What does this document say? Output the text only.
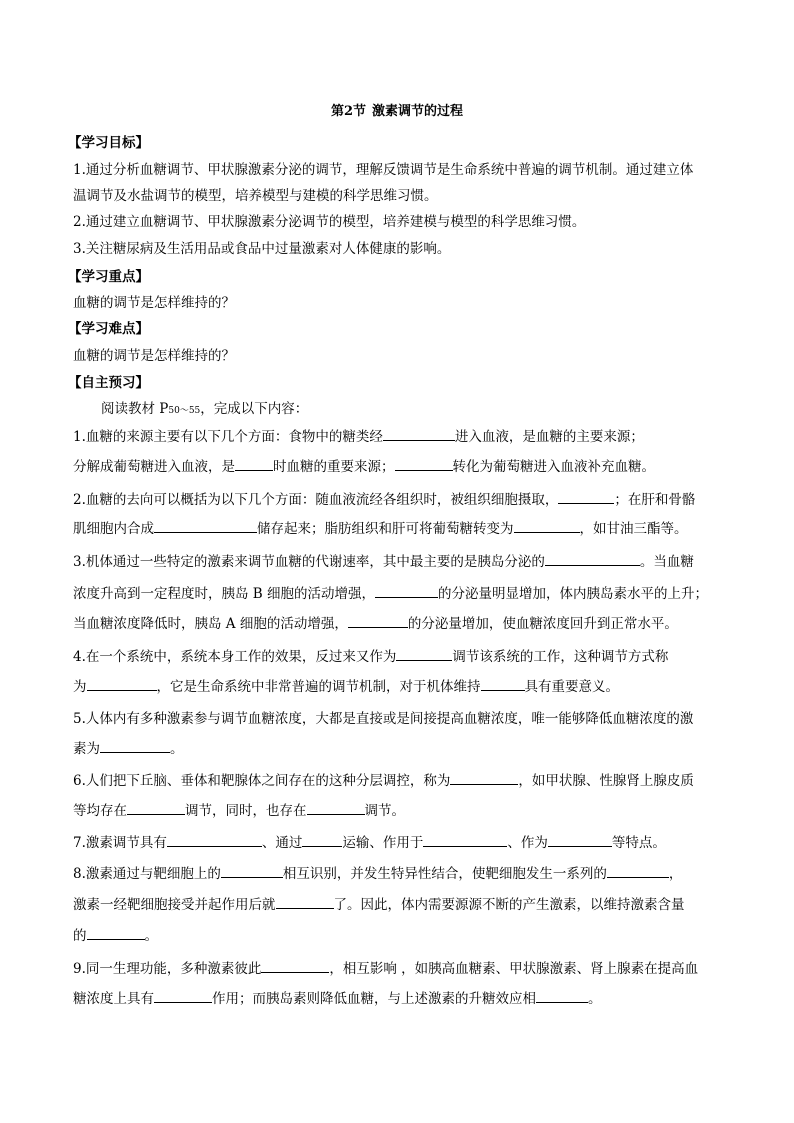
第2节 激素调节的过程
【学习目标】
1.通过分析血糖调节、甲状腺激素分泌的调节，理解反馈调节是生命系统中普遍的调节机制。通过建立体
温调节及水盐调节的模型，培养模型与建模的科学思维习惯。
2.通过建立血糖调节、甲状腺激素分泌调节的模型，培养建模与模型的科学思维习惯。
3.关注糖尿病及生活用品或食品中过量激素对人体健康的影响。
【学习重点】
血糖的调节是怎样维持的？
【学习难点】
血糖的调节是怎样维持的？
【自主预习】
阅读教材 P50～55，完成以下内容：
1.血糖的来源主要有以下几个方面：食物中的糖类经	进入血液，是血糖的主要来源；
分解成葡萄糖进入血液，是	时血糖的重要来源；	转化为葡萄糖进入血液补充血糖。
2.血糖的去向可以概括为以下几个方面：随血液流经各组织时，被组织细胞摄取，	；在肝和骨骼
肌细胞内合成	储存起来；脂肪组织和肝可将葡萄糖转变为	，如甘油三酯等。
3.机体通过一些特定的激素来调节血糖的代谢速率，其中最主要的是胰岛分泌的	。当血糖
浓度升高到一定程度时，胰岛 B 细胞的活动增强，	的分泌量明显增加，体内胰岛素水平的上升；
当血糖浓度降低时，胰岛 A 细胞的活动增强，	的分泌量增加，使血糖浓度回升到正常水平。
4.在一个系统中，系统本身工作的效果，反过来又作为	调节该系统的工作，这种调节方式称
为	，它是生命系统中非常普遍的调节机制，对于机体维持	具有重要意义。
5.人体内有多种激素参与调节血糖浓度，大都是直接或是间接提高血糖浓度，唯一能够降低血糖浓度的激
素为	。
6.人们把下丘脑、垂体和靶腺体之间存在的这种分层调控，称为	，如甲状腺、性腺肾上腺皮质
等均存在	调节，同时，也存在	调节。
7.激素调节具有	、通过	运输、作用于	、作为	等特点。
8.激素通过与靶细胞上的	相互识别，并发生特异性结合，使靶细胞发生一系列的	，
激素一经靶细胞接受并起作用后就	了。因此，体内需要源源不断的产生激素，以维持激素含量
的	。
9.同一生理功能，多种激素彼此	，相互影响 ，如胰高血糖素、甲状腺激素、肾上腺素在提高血
糖浓度上具有	作用；而胰岛素则降低血糖，与上述激素的升糖效应相	。
